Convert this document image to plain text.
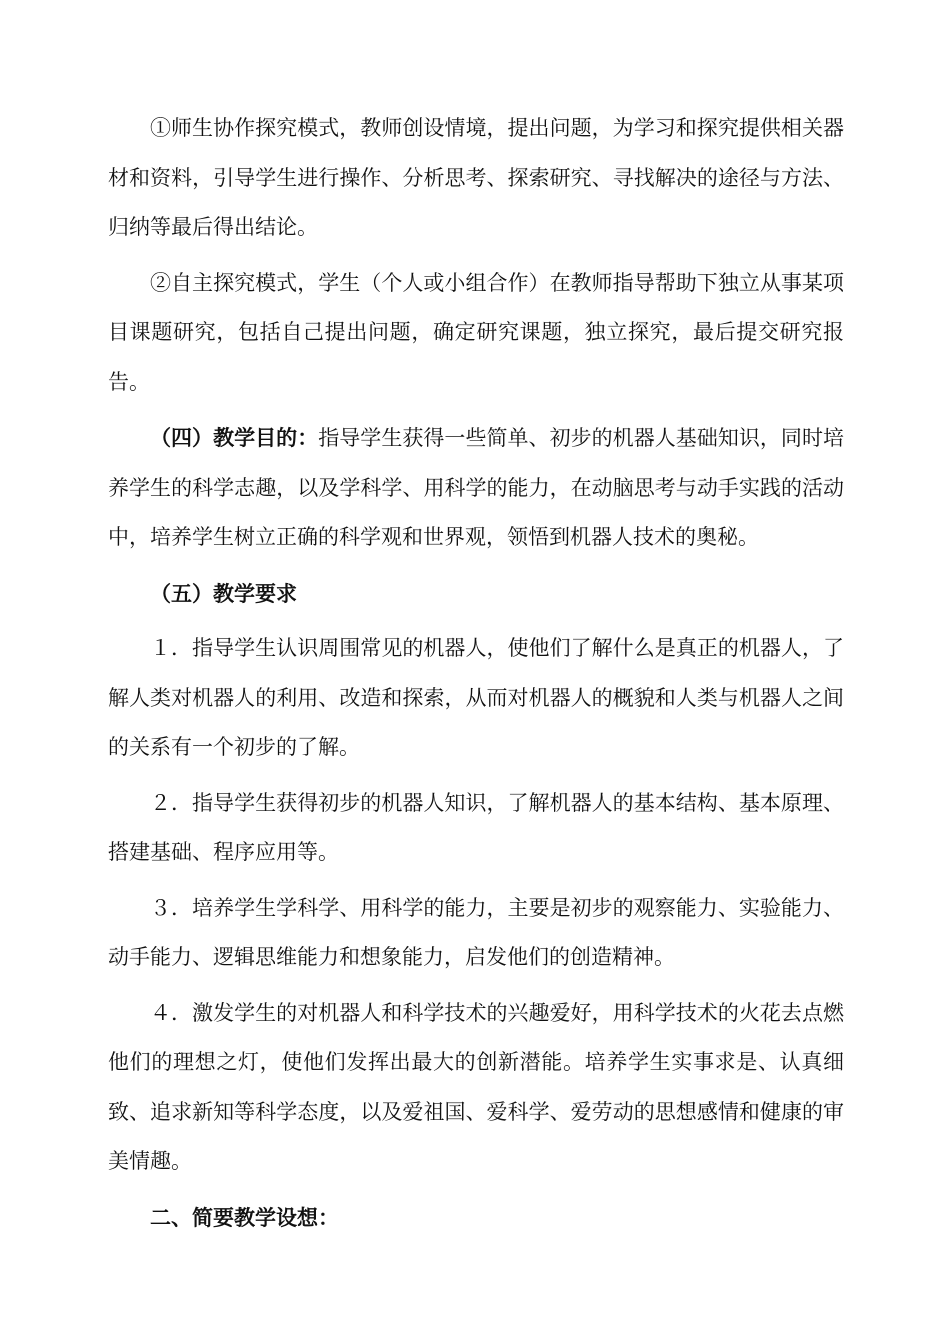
①师生协作探究模式，教师创设情境，提出问题，为学习和探究提供相关器材和资料，引导学生进行操作、分析思考、探索研究、寻找解决的途径与方法、归纳等最后得出结论。

②自主探究模式，学生（个人或小组合作）在教师指导帮助下独立从事某项目课题研究，包括自己提出问题，确定研究课题，独立探究，最后提交研究报告。

（四）教学目的：指导学生获得一些简单、初步的机器人基础知识，同时培养学生的科学志趣，以及学科学、用科学的能力，在动脑思考与动手实践的活动中，培养学生树立正确的科学观和世界观，领悟到机器人技术的奥秘。

（五）教学要求

１．指导学生认识周围常见的机器人，使他们了解什么是真正的机器人，了解人类对机器人的利用、改造和探索，从而对机器人的概貌和人类与机器人之间的关系有一个初步的了解。

２．指导学生获得初步的机器人知识，了解机器人的基本结构、基本原理、搭建基础、程序应用等。

３．培养学生学科学、用科学的能力，主要是初步的观察能力、实验能力、动手能力、逻辑思维能力和想象能力，启发他们的创造精神。

４．激发学生的对机器人和科学技术的兴趣爱好，用科学技术的火花去点燃他们的理想之灯，使他们发挥出最大的创新潜能。培养学生实事求是、认真细致、追求新知等科学态度，以及爱祖国、爱科学、爱劳动的思想感情和健康的审美情趣。

二、简要教学设想：
